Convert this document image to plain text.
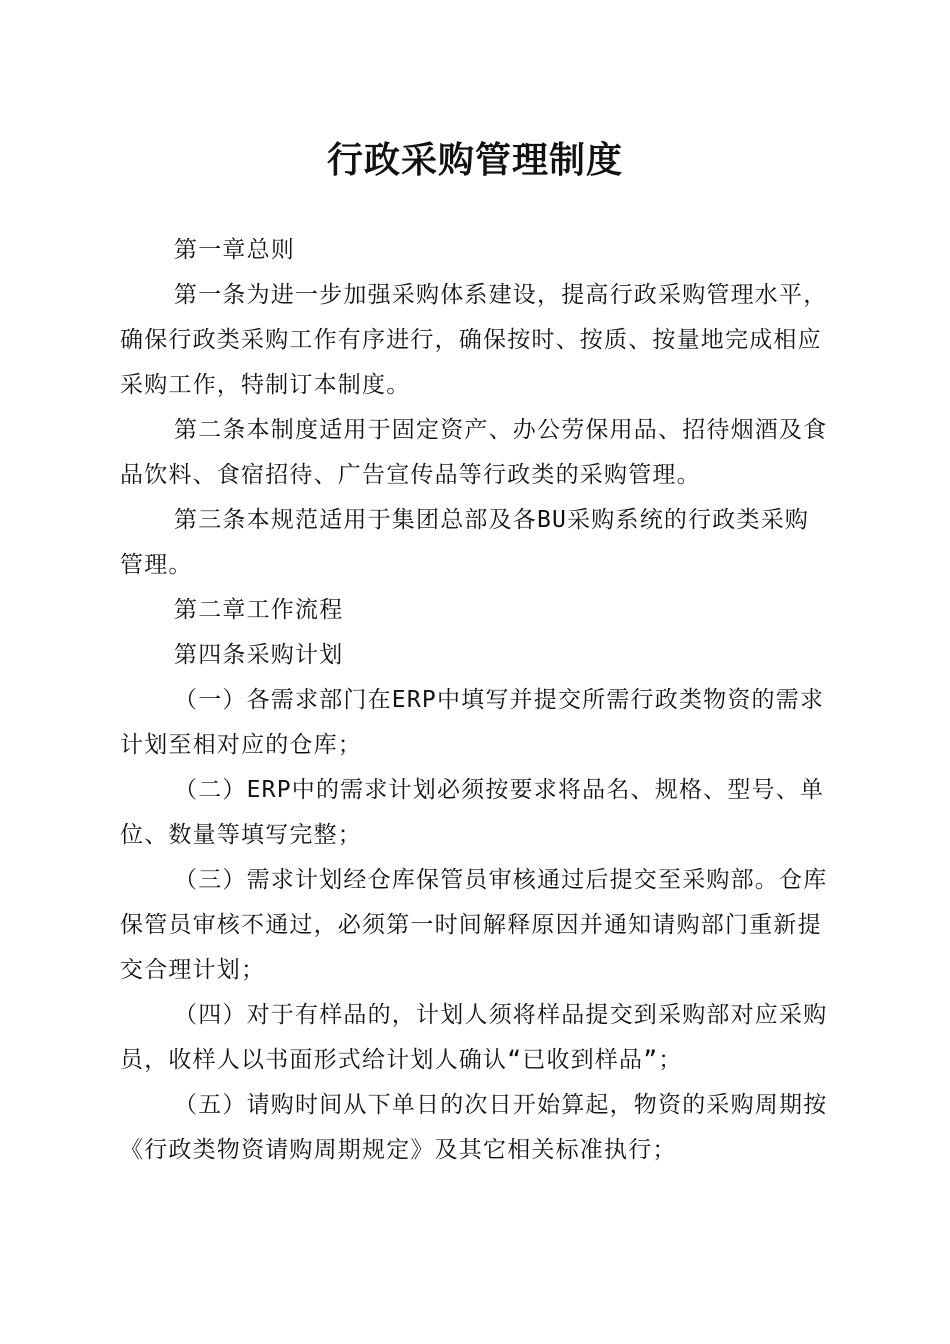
行政采购管理制度

第一章总则

第一条为进一步加强采购体系建设，提高行政采购管理水平，确保行政类采购工作有序进行，确保按时、按质、按量地完成相应采购工作，特制订本制度。

第二条本制度适用于固定资产、办公劳保用品、招待烟酒及食品饮料、食宿招待、广告宣传品等行政类的采购管理。

第三条本规范适用于集团总部及各BU采购系统的行政类采购管理。

第二章工作流程

第四条采购计划

（一）各需求部门在ERP中填写并提交所需行政类物资的需求计划至相对应的仓库；

（二）ERP中的需求计划必须按要求将品名、规格、型号、单位、数量等填写完整；

（三）需求计划经仓库保管员审核通过后提交至采购部。仓库保管员审核不通过，必须第一时间解释原因并通知请购部门重新提交合理计划；

（四）对于有样品的，计划人须将样品提交到采购部对应采购员，收样人以书面形式给计划人确认“已收到样品”；

（五）请购时间从下单日的次日开始算起，物资的采购周期按《行政类物资请购周期规定》及其它相关标准执行；
